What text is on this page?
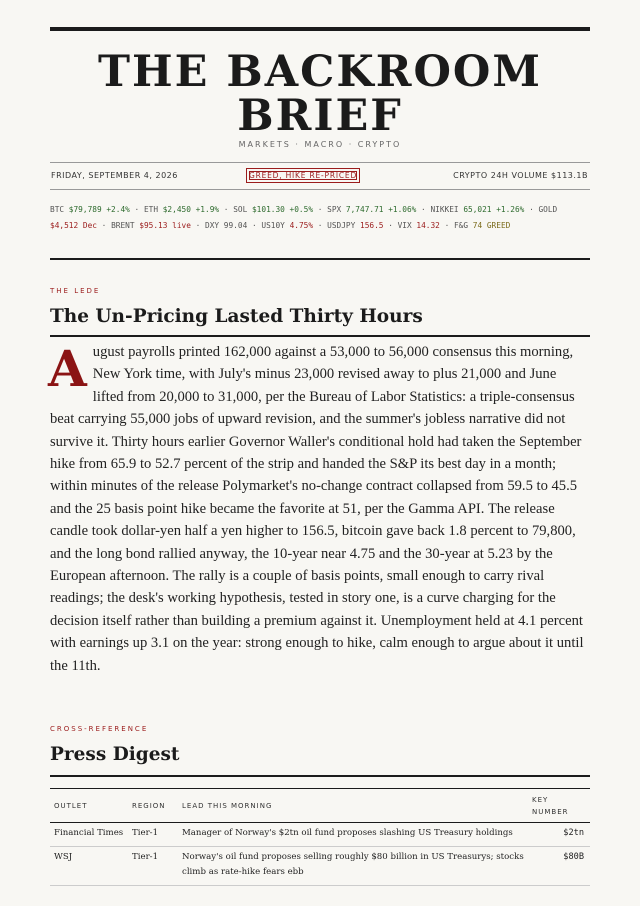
THE BACKROOM
BRIEF
MARKETS · MACRO · CRYPTO
FRIDAY, SEPTEMBER 4, 2026	GREED, HIKE RE-PRICED	CRYPTO 24H VOLUME $113.1B
BTC $79,789 +2.4% · ETH $2,450 +1.9% · SOL $101.30 +0.5% · SPX 7,747.71 +1.06% · NIKKEI 65,021 +1.26% · GOLD $4,512 Dec · BRENT $95.13 live · DXY 99.04 · US10Y 4.75% · USDJPY 156.5 · VIX 14.32 · F&G 74 GREED
THE LEDE
The Un-Pricing Lasted Thirty Hours

August payrolls printed 162,000 against a 53,000 to 56,000 consensus this morning, New York time, with July's minus 23,000 revised away to plus 21,000 and June lifted from 20,000 to 31,000, per the Bureau of Labor Statistics: a triple-consensus beat carrying 55,000 jobs of upward revision, and the summer's jobless narrative did not survive it. Thirty hours earlier Governor Waller's conditional hold had taken the September hike from 65.9 to 52.7 percent of the strip and handed the S&P its best day in a month; within minutes of the release Polymarket's no-change contract collapsed from 59.5 to 45.5 and the 25 basis point hike became the favorite at 51, per the Gamma API. The release candle took dollar-yen half a yen higher to 156.5, bitcoin gave back 1.8 percent to 79,800, and the long bond rallied anyway, the 10-year near 4.75 and the 30-year at 5.23 by the European afternoon. The rally is a couple of basis points, small enough to carry rival readings; the desk's working hypothesis, tested in story one, is a curve charging for the decision itself rather than building a premium against it. Unemployment held at 4.1 percent with earnings up 3.1 on the year: strong enough to hike, calm enough to argue about it until the 11th.

CROSS-REFERENCE
Press Digest
OUTLET	REGION	LEAD THIS MORNING	KEY NUMBER
Financial Times	Tier-1	Manager of Norway's $2tn oil fund proposes slashing US Treasury holdings	$2tn
WSJ	Tier-1	Norway's oil fund proposes selling roughly $80 billion in US Treasurys; stocks climb as rate-hike fears ebb	$80B
